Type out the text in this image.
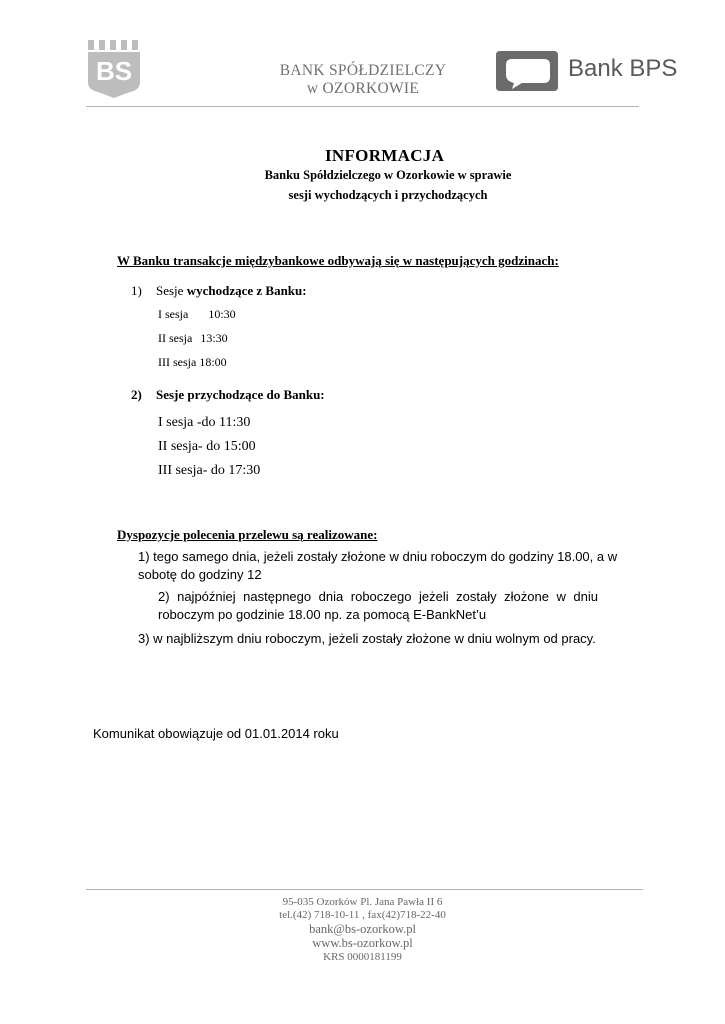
BS	BANK SPÓŁDZIELCZY
w OZORKOWIE
Bank BPS
INFORMACJA
Banku Spółdzielczego w Ozorkowie w sprawie
sesji wychodzących i przychodzących
W Banku transakcje międzybankowe odbywają się w następujących godzinach:
1) Sesje wychodzące z Banku:
I sesja 10:30
II sesja 13:30
III sesja 18:00
2) Sesje przychodzące do Banku:
I sesja -do 11:30
II sesja- do 15:00
III sesja- do 17:30
Dyspozycje polecenia przelewu są realizowane:
1) tego samego dnia, jeżeli zostały złożone w dniu roboczym do godziny 18.00, a w
sobotę do godziny 12
2) najpóźniej następnego dnia roboczego jeżeli zostały złożone w dniu
roboczym po godzinie 18.00 np. za pomocą E-BankNet’u
3) w najbliższym dniu roboczym, jeżeli zostały złożone w dniu wolnym od pracy.
Komunikat obowiązuje od 01.01.2014 roku
95-035 Ozorków Pl. Jana Pawła II 6
tel.(42) 718-10-11 , fax(42)718-22-40
bank@bs-ozorkow.pl
www.bs-ozorkow.pl
KRS 0000181199
